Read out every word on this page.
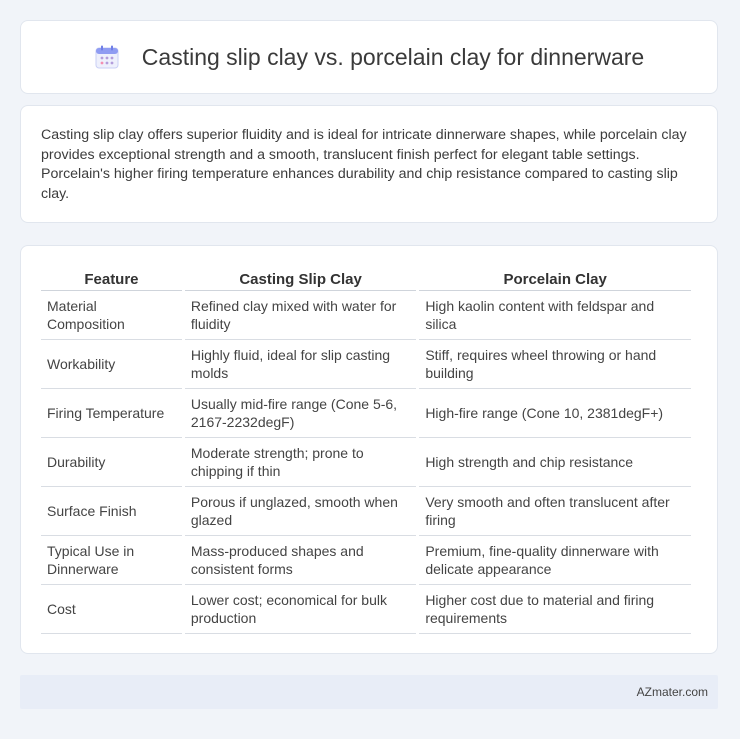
Casting slip clay vs. porcelain clay for dinnerware

Casting slip clay offers superior fluidity and is ideal for intricate dinnerware shapes, while porcelain clay provides exceptional strength and a smooth, translucent finish perfect for elegant table settings. Porcelain's higher firing temperature enhances durability and chip resistance compared to casting slip clay.

Feature	Casting Slip Clay	Porcelain Clay
Material Composition	Refined clay mixed with water for fluidity	High kaolin content with feldspar and silica
Workability	Highly fluid, ideal for slip casting molds	Stiff, requires wheel throwing or hand building
Firing Temperature	Usually mid-fire range (Cone 5-6, 2167-2232degF)	High-fire range (Cone 10, 2381degF+)
Durability	Moderate strength; prone to chipping if thin	High strength and chip resistance
Surface Finish	Porous if unglazed, smooth when glazed	Very smooth and often translucent after firing
Typical Use in Dinnerware	Mass-produced shapes and consistent forms	Premium, fine-quality dinnerware with delicate appearance
Cost	Lower cost; economical for bulk production	Higher cost due to material and firing requirements
AZmater.com
